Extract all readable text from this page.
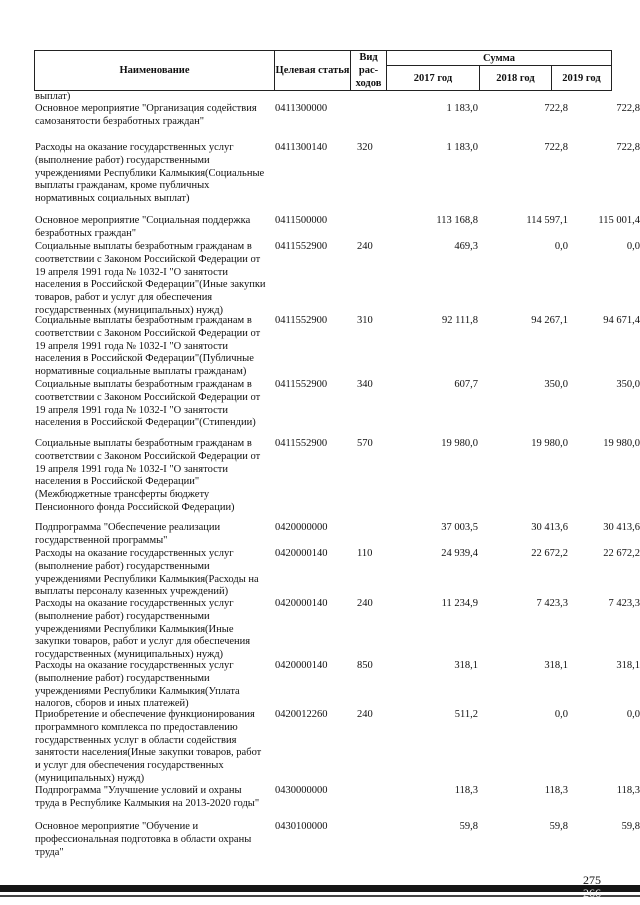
Наименование	Целевая статья
Вид рас-ходов
Сумма
2017 год	2018 год	2019 год
выплат)
Основное мероприятие "Организация содействия самозанятости безработных граждан"
0411300000	1 183,0	722,8	722,8
Расходы на оказание государственных услуг (выполнение работ) государственными учреждениями Республики Калмыкия(Социальные выплаты гражданам, кроме публичных нормативных социальных выплат)
0411300140	320	1 183,0	722,8	722,8
Основное мероприятие "Социальная поддержка безработных граждан"
0411500000	113 168,8	114 597,1	115 001,4
Социальные выплаты безработным гражданам в соответствии с Законом Российской Федерации от 19 апреля 1991 года № 1032-I "О занятости населения в Российской Федерации"(Иные закупки товаров, работ и услуг для обеспечения государственных (муниципальных) нужд)
0411552900	240	469,3	0,0	0,0
Социальные выплаты безработным гражданам в соответствии с Законом Российской Федерации от 19 апреля 1991 года № 1032-I "О занятости населения в Российской Федерации"(Публичные нормативные социальные выплаты гражданам)
0411552900	310	92 111,8	94 267,1	94 671,4
Социальные выплаты безработным гражданам в соответствии с Законом Российской Федерации от 19 апреля 1991 года № 1032-I "О занятости населения в Российской Федерации"(Стипендии)
0411552900	340	607,7	350,0	350,0
Социальные выплаты безработным гражданам в соответствии с Законом Российской Федерации от 19 апреля 1991 года № 1032-I "О занятости населения в Российской Федерации"(Межбюджетные трансферты бюджету Пенсионного фонда Российской Федерации)
0411552900	570	19 980,0	19 980,0	19 980,0
Подпрограмма "Обеспечение реализации государственной программы"
0420000000	37 003,5	30 413,6	30 413,6
Расходы на оказание государственных услуг (выполнение работ) государственными учреждениями Республики Калмыкия(Расходы на выплаты персоналу казенных учреждений)
0420000140	110	24 939,4	22 672,2	22 672,2
Расходы на оказание государственных услуг (выполнение работ) государственными учреждениями Республики Калмыкия(Иные закупки товаров, работ и услуг для обеспечения государственных (муниципальных) нужд)
0420000140	240	11 234,9	7 423,3	7 423,3
Расходы на оказание государственных услуг (выполнение работ) государственными учреждениями Республики Калмыкия(Уплата налогов, сборов и иных платежей)
0420000140	850	318,1	318,1	318,1
Приобретение и обеспечение функционирования программного комплекса по предоставлению государственных услуг в области содействия занятости населения(Иные закупки товаров, работ и услуг для обеспечения государственных (муниципальных) нужд)
0420012260	240	511,2	0,0	0,0
Подпрограмма "Улучшение условий и охраны труда в Республике Калмыкия на 2013-2020 годы"
0430000000	118,3	118,3	118,3
Основное мероприятие "Обучение и профессиональная подготовка в области охраны труда"
0430100000	59,8	59,8	59,8
275
266
